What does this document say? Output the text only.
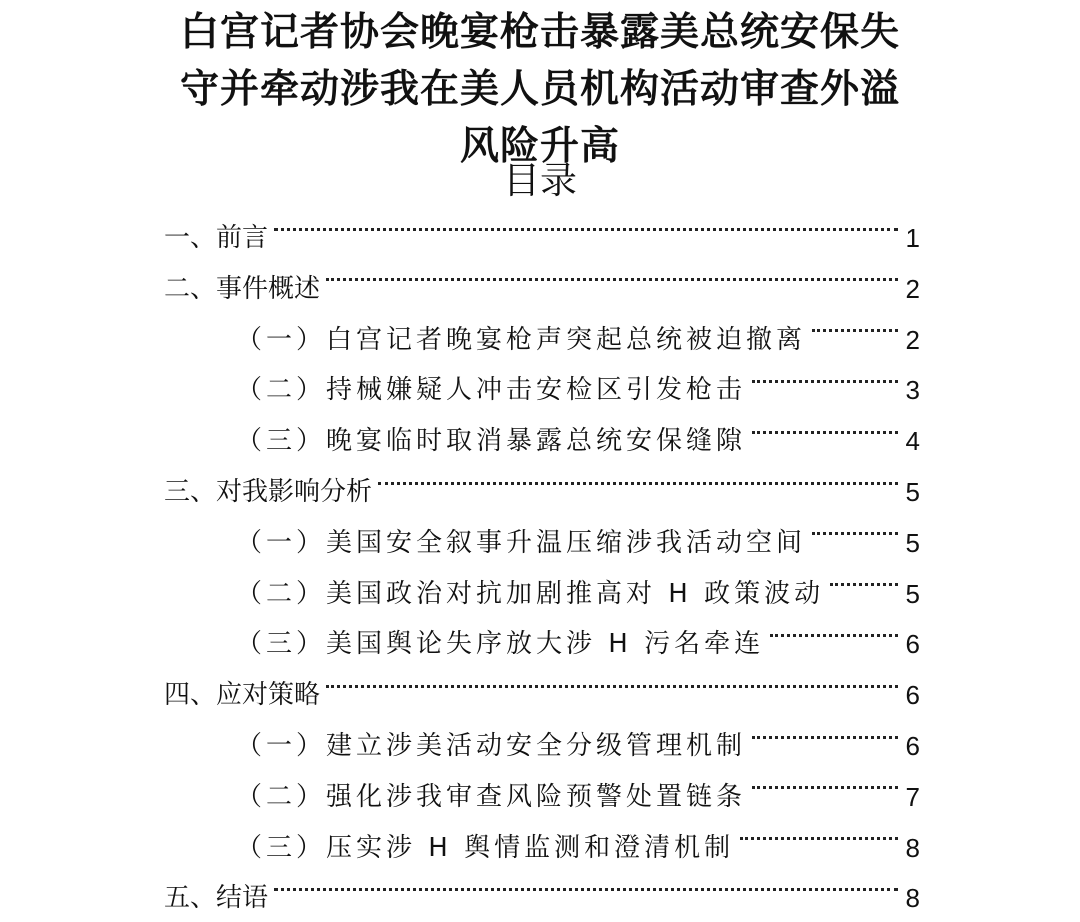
白宫记者协会晚宴枪击暴露美总统安保失
守并牵动涉我在美人员机构活动审查外溢
风险升高
目录
一、前言	1
二、事件概述	2
（一）白宫记者晚宴枪声突起总统被迫撤离	2
（二）持械嫌疑人冲击安检区引发枪击	3
（三）晚宴临时取消暴露总统安保缝隙	4
三、对我影响分析	5
（一）美国安全叙事升温压缩涉我活动空间	5
（二）美国政治对抗加剧推高对 H 政策波动	5
（三）美国舆论失序放大涉 H 污名牵连	6
四、应对策略	6
（一）建立涉美活动安全分级管理机制	6
（二）强化涉我审查风险预警处置链条	7
（三）压实涉 H 舆情监测和澄清机制	8
五、结语	8
